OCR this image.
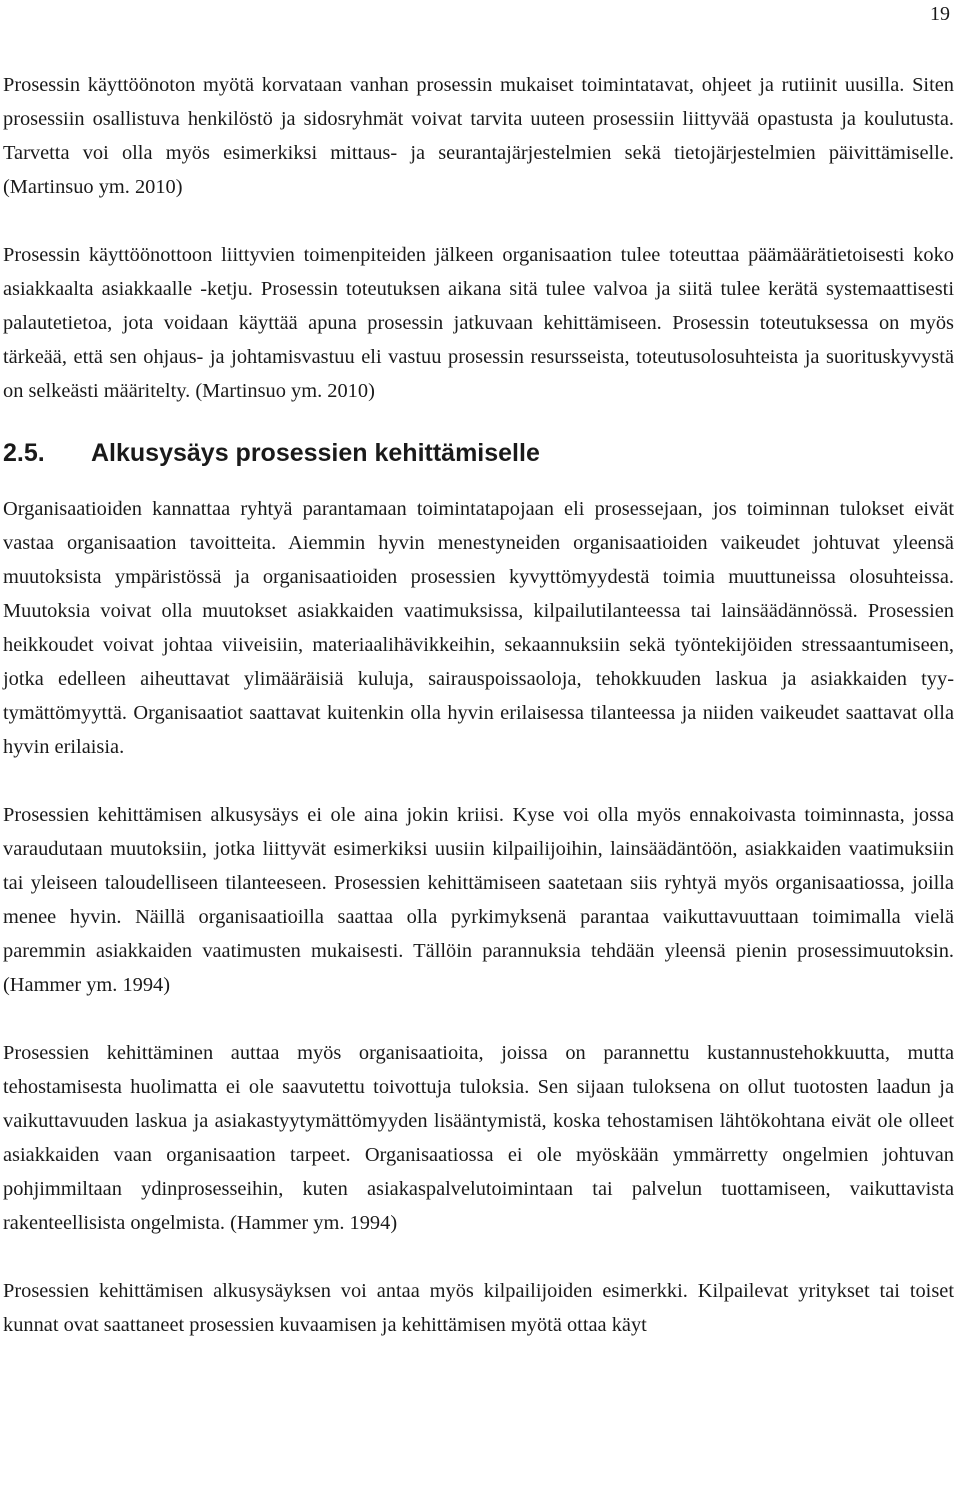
19

Prosessin käyttöönoton myötä korvataan vanhan prosessin mukaiset toimintatavat, ohjeet ja rutiinit uusilla. Siten prosessiin osallistuva henkilöstö ja sidosryhmät voivat tarvita uuteen prosessiin liittyvää opastusta ja koulutusta. Tarvetta voi olla myös esimerkiksi mittaus- ja seurantajärjestelmien sekä tietojärjestelmien päivittämiselle. (Martinsuo ym. 2010)

Prosessin käyttöönottoon liittyvien toimenpiteiden jälkeen organisaation tulee toteuttaa päämäärätietoisesti koko asiakkaalta asiakkaalle -ketju. Prosessin toteutuksen aikana sitä tulee valvoa ja siitä tulee kerätä systemaattisesti palautetietoa, jota voidaan käyttää apuna prosessin jatkuvaan kehittämiseen. Prosessin toteutuksessa on myös tärkeää, että sen ohjaus- ja johtamisvastuu eli vastuu prosessin resursseista, toteutusolosuhteista ja suorituskyvystä on selkeästi määritelty. (Martinsuo ym. 2010)

2.5.	Alkusysäys prosessien kehittämiselle

Organisaatioiden kannattaa ryhtyä parantamaan toimintatapojaan eli prosessejaan, jos toiminnan tulokset eivät vastaa organisaation tavoitteita. Aiemmin hyvin menestyneiden organisaatioiden vaikeudet johtuvat yleensä muutoksista ympäristössä ja organisaatioiden prosessien kyvyttömyydestä toimia muuttuneissa olosuhteissa. Muutoksia voivat olla muutokset asiakkaiden vaatimuksissa, kilpailutilanteessa tai lainsäädännössä. Prosessien heikkoudet voivat johtaa viiveisiin, materiaalihävikkeihin, sekaannuksiin sekä työntekijöiden stressaantumiseen, jotka edelleen aiheuttavat ylimääräisiä kuluja, sairauspoissaoloja, tehokkuuden laskua ja asiakkaiden tyytymättömyyttä. Organisaatiot saattavat kuitenkin olla hyvin erilaisessa tilanteessa ja niiden vaikeudet saattavat olla hyvin erilaisia.

Prosessien kehittämisen alkusysäys ei ole aina jokin kriisi. Kyse voi olla myös ennakoivasta toiminnasta, jossa varaudutaan muutoksiin, jotka liittyvät esimerkiksi uusiin kilpailijoihin, lainsäädäntöön, asiakkaiden vaatimuksiin tai yleiseen taloudelliseen tilanteeseen. Prosessien kehittämiseen saatetaan siis ryhtyä myös organisaatiossa, joilla menee hyvin. Näillä organisaatioilla saattaa olla pyrkimyksenä parantaa vaikuttavuuttaan toimimalla vielä paremmin asiakkaiden vaatimusten mukaisesti. Tällöin parannuksia tehdään yleensä pienin prosessimuutoksin. (Hammer ym. 1994)

Prosessien kehittäminen auttaa myös organisaatioita, joissa on parannettu kustannustehokkuutta, mutta tehostamisesta huolimatta ei ole saavutettu toivottuja tuloksia. Sen sijaan tuloksena on ollut tuotosten laadun ja vaikuttavuuden laskua ja asiakastyytymättömyyden lisääntymistä, koska tehostamisen lähtökohtana eivät ole olleet asiakkaiden vaan organisaation tarpeet. Organisaatiossa ei ole myöskään ymmärretty ongelmien johtuvan pohjimmiltaan ydinprosesseihin, kuten asiakaspalvelutoimintaan tai palvelun tuottamiseen, vaikuttavista rakenteellisista ongelmista. (Hammer ym. 1994)

Prosessien kehittämisen alkusysäyksen voi antaa myös kilpailijoiden esimerkki. Kilpailevat yritykset tai toiset kunnat ovat saattaneet prosessien kuvaamisen ja kehittämisen myötä ottaa käyt
